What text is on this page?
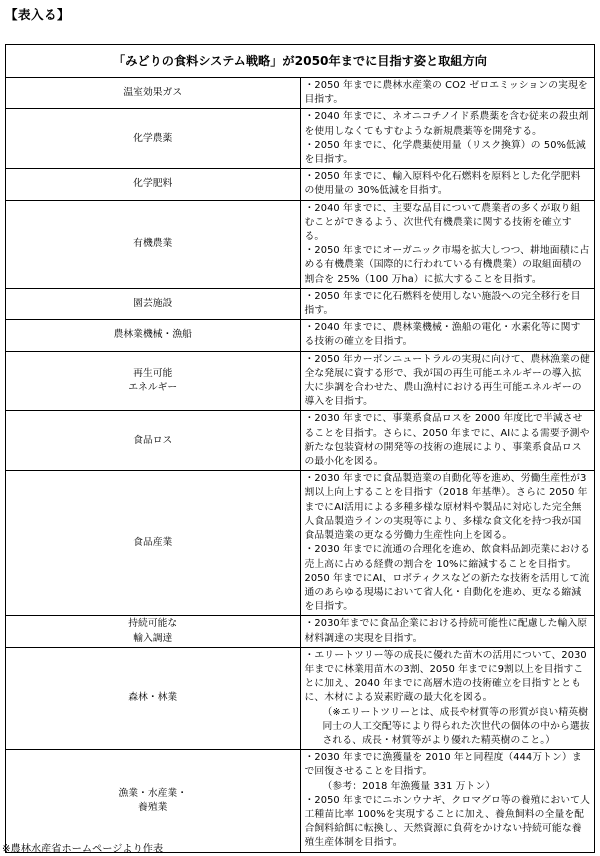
【表入る】
「みどりの食料システム戦略」が2050年までに目指す姿と取組方向	
温室効果ガス	・2050 年までに農林水産業の CO2 ゼロエミッションの実現を目指す。

化学農薬	・2040 年までに、ネオニコチノイド系農薬を含む従来の殺虫剤を使用しなくてもすむような新規農薬等を開発する。
・2050 年までに、化学農薬使用量（リスク換算）の 50%低減を目指す。

化学肥料	・2050 年までに、輸入原料や化石燃料を原料とした化学肥料の使用量の 30%低減を目指す。

有機農業	・2040 年までに、主要な品目について農業者の多くが取り組むことができるよう、次世代有機農業に関する技術を確立する。
・2050 年までにオーガニック市場を拡大しつつ、耕地面積に占める有機農業（国際的に行われている有機農業）の取組面積の割合を 25%（100 万ha）に拡大することを目指す。

園芸施設	・2050 年までに化石燃料を使用しない施設への完全移行を目指す。

農林業機械・漁船	・2040 年までに、農林業機械・漁船の電化・水素化等に関する技術の確立を目指す。

再生可能
エネルギー	・2050 年カーボンニュートラルの実現に向けて、農林漁業の健全な発展に資する形で、我が国の再生可能エネルギーの導入拡大に歩調を合わせた、農山漁村における再生可能エネルギーの導入を目指す。

食品ロス	・2030 年までに、事業系食品ロスを 2000 年度比で半減させることを目指す。さらに、2050 年までに、AIによる需要予測や新たな包装資材の開発等の技術の進展により、事業系食品ロスの最小化を図る。

食品産業	・2030 年までに食品製造業の自動化等を進め、労働生産性が3割以上向上することを目指す（2018 年基準）。さらに 2050 年までにAI活用による多種多様な原材料や製品に対応した完全無人食品製造ラインの実現等により、多様な食文化を持つ我が国食品製造業の更なる労働力生産性向上を図る。
・2030 年までに流通の合理化を進め、飲食料品卸売業における売上高に占める経費の割合を 10%に縮減することを目指す。2050 年までにAI、ロボティクスなどの新たな技術を活用して流通のあらゆる現場において省人化・自動化を進め、更なる縮減を目指す。

持続可能な
輸入調達	・2030年までに食品企業における持続可能性に配慮した輸入原材料調達の実現を目指す。

森林・林業	・エリートツリー等の成長に優れた苗木の活用について、2030 年までに林業用苗木の3割、2050 年までに9割以上を目指すことに加え、2040 年までに高層木造の技術確立を目指すとともに、木材による炭素貯蔵の最大化を図る。
（※エリートツリーとは、成長や材質等の形質が良い精英樹同士の人工交配等により得られた次世代の個体の中から選抜される、成長・材質等がより優れた精英樹のこと。）

漁業・水産業・
養殖業	・2030 年までに漁獲量を 2010 年と同程度（444万トン）まで回復させることを目指す。
（参考：2018 年漁獲量 331 万トン）
・2050 年までにニホンウナギ、クロマグロ等の養殖において人工種苗比率 100%を実現することに加え、養魚飼料の全量を配合飼料給餌に転換し、天然資源に負荷をかけない持続可能な養殖生産体制を目指す。
※農林水産省ホームページより作表
